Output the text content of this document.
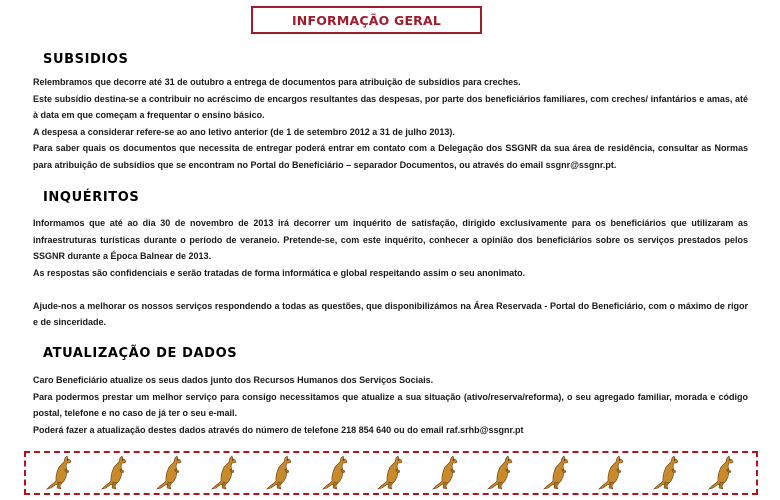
INFORMAÇÃO GERAL
SUBSIDIOS

Relembramos que decorre até 31 de outubro a entrega de documentos para atribuição de subsídios para creches.

Este subsídio destina-se a contribuir no acréscimo de encargos resultantes das despesas, por parte dos beneficiários familiares, com creches/ infantários e amas, até à data em que começam a frequentar o ensino básico.

A despesa a considerar refere-se ao ano letivo anterior (de 1 de setembro 2012 a 31 de julho 2013).

Para saber quais os documentos que necessita de entregar poderá entrar em contato com a Delegação dos SSGNR da sua área de residência, consultar as Normas para atribuição de subsídios que se encontram no Portal do Beneficiário – separador Documentos, ou através do email ssgnr@ssgnr.pt.

INQUÉRITOS

Informamos que até ao dia 30 de novembro de 2013 irá decorrer um inquérito de satisfação, dirigido exclusivamente para os beneficiários que utilizaram as infraestruturas turísticas durante o período de veraneio. Pretende-se, com este inquérito, conhecer a opinião dos beneficiários sobre os serviços prestados pelos SSGNR durante a Época Balnear de 2013.

As respostas são confidenciais e serão tratadas de forma informática e global respeitando assim o seu anonimato.

Ajude-nos a melhorar os nossos serviços respondendo a todas as questões, que disponibilizámos na Área Reservada - Portal do Beneficiário, com o máximo de rigor e de sinceridade.

ATUALIZAÇÃO DE DADOS

Caro Beneficiário atualize os seus dados junto dos Recursos Humanos dos Serviços Sociais.

Para podermos prestar um melhor serviço para consigo necessitamos que atualize a sua situação (ativo/reserva/reforma), o seu agregado familiar, morada e código postal, telefone e no caso de já ter o seu e-mail.

Poderá fazer a atualização destes dados através do número de telefone 218 854 640 ou do email raf.srhb@ssgnr.pt
